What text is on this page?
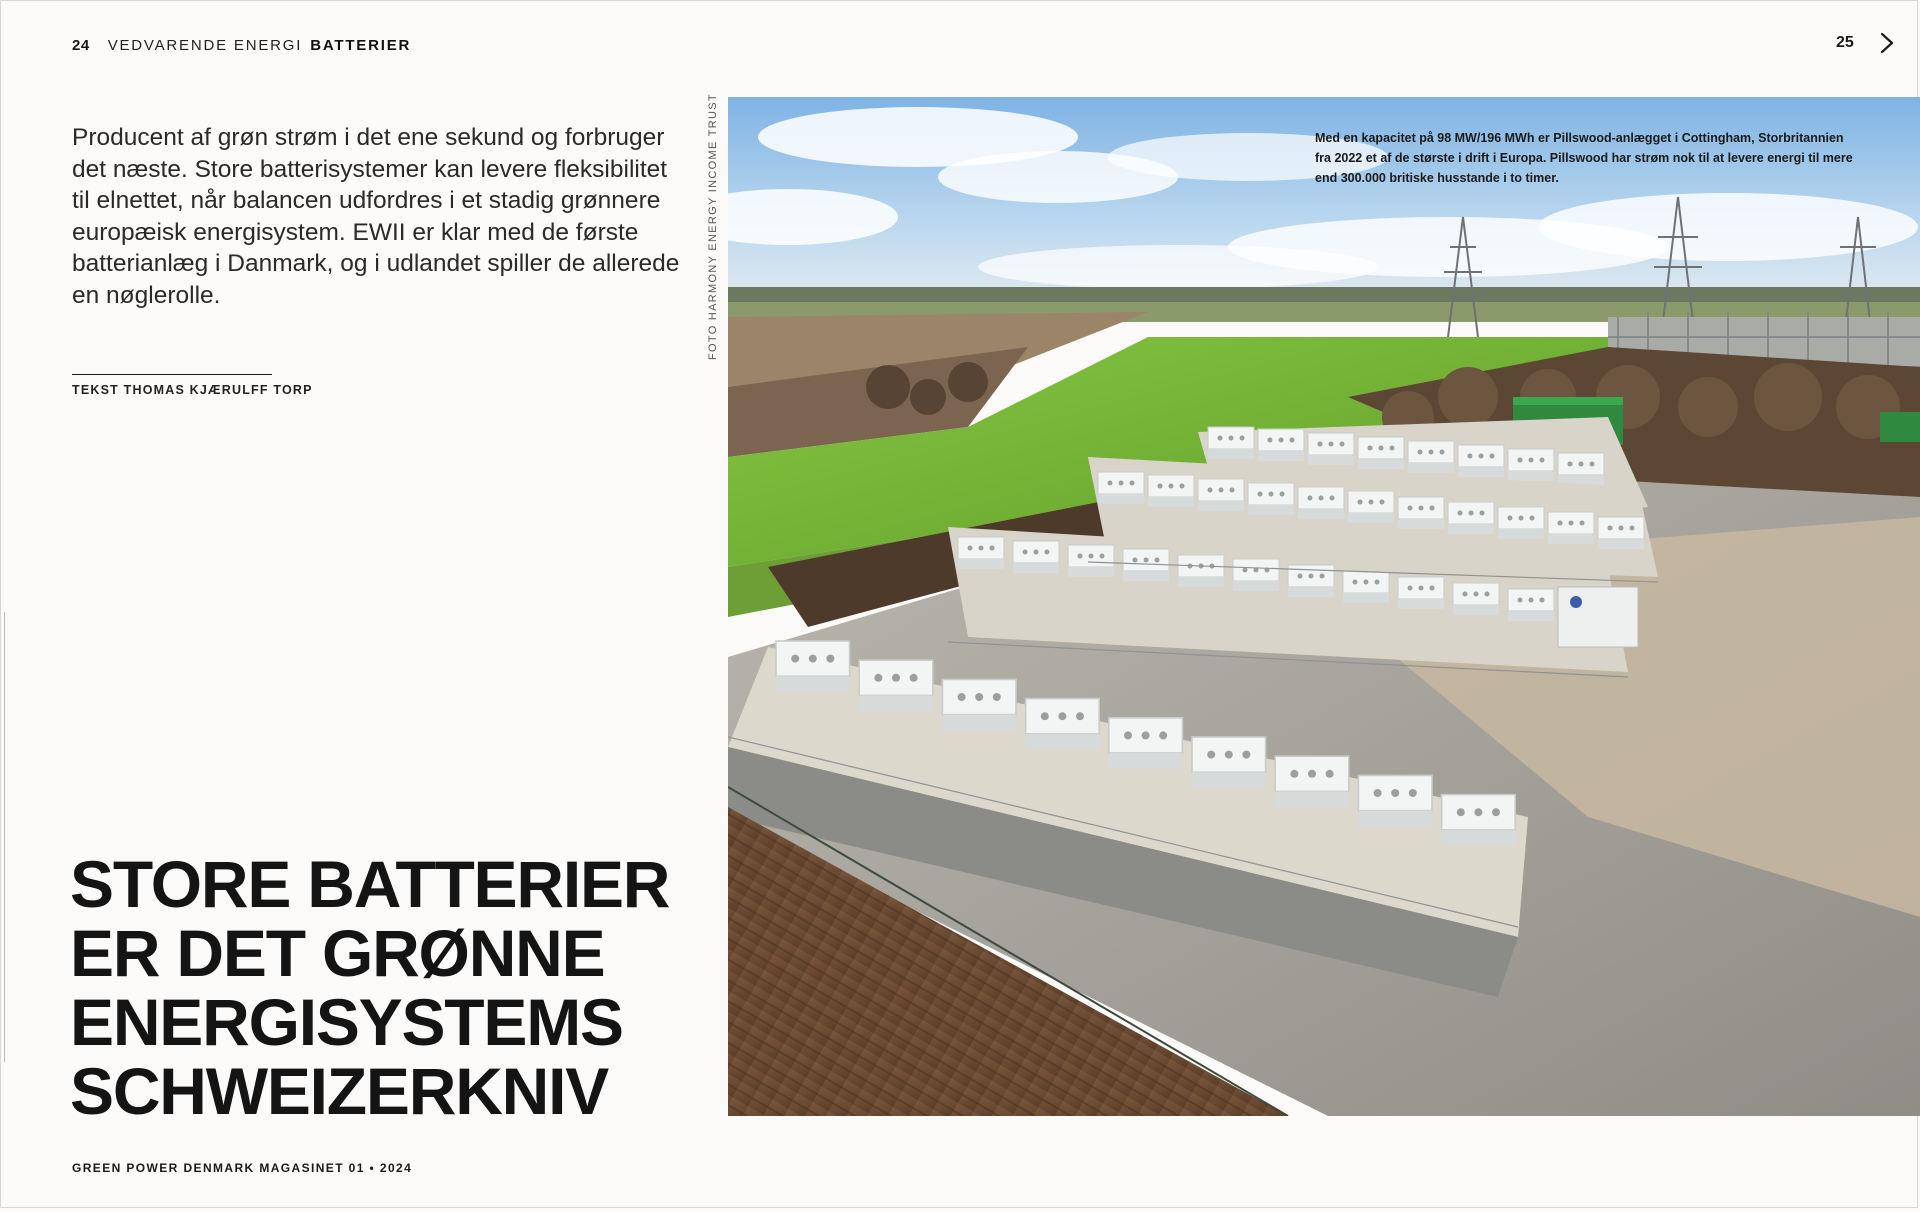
24 VEDVARENDE ENERGI BATTERIER	25

Producent af grøn strøm i det ene sekund og forbruger det næste. Store batterisystemer kan levere fleksibilitet til elnettet, når balancen udfordres i et stadig grønnere europæisk energisystem. EWII er klar med de første batterianlæg i Danmark, og i udlandet spiller de allerede en nøglerolle.

TEKST THOMAS KJÆRULFF TORP
STORE BATTERIER
ER DET GRØNNE
ENERGISYSTEMS
SCHWEIZERKNIV
GREEN POWER DENMARK MAGASINET 01 • 2024
FOTO HARMONY ENERGY INCOME TRUST	Med en kapacitet på 98 MW/196 MWh er Pillswood-anlægget i Cottingham, Storbritannien fra 2022 et af de største i drift i Europa. Pillswood har strøm nok til at levere energi til mere end 300.000 britiske husstande i to timer.
